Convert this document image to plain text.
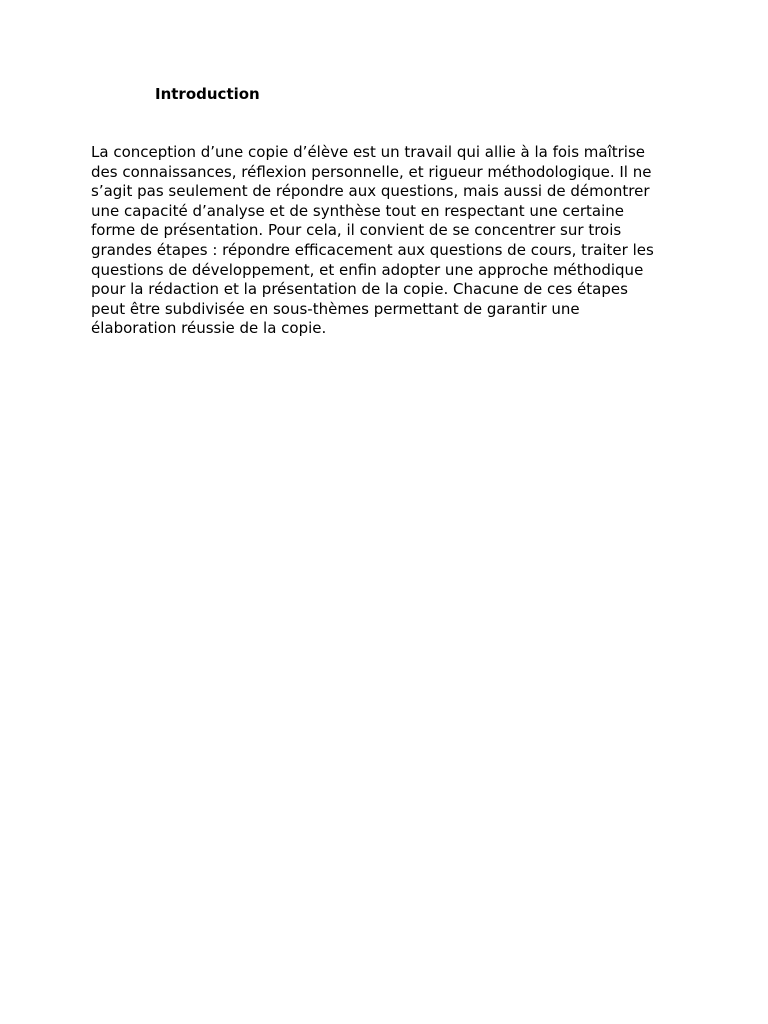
Introduction
La conception d’une copie d’élève est un travail qui allie à la fois maîtrise
des connaissances, réflexion personnelle, et rigueur méthodologique. Il ne
s’agit pas seulement de répondre aux questions, mais aussi de démontrer
une capacité d’analyse et de synthèse tout en respectant une certaine
forme de présentation. Pour cela, il convient de se concentrer sur trois
grandes étapes : répondre efficacement aux questions de cours, traiter les
questions de développement, et enfin adopter une approche méthodique
pour la rédaction et la présentation de la copie. Chacune de ces étapes
peut être subdivisée en sous-thèmes permettant de garantir une
élaboration réussie de la copie.
